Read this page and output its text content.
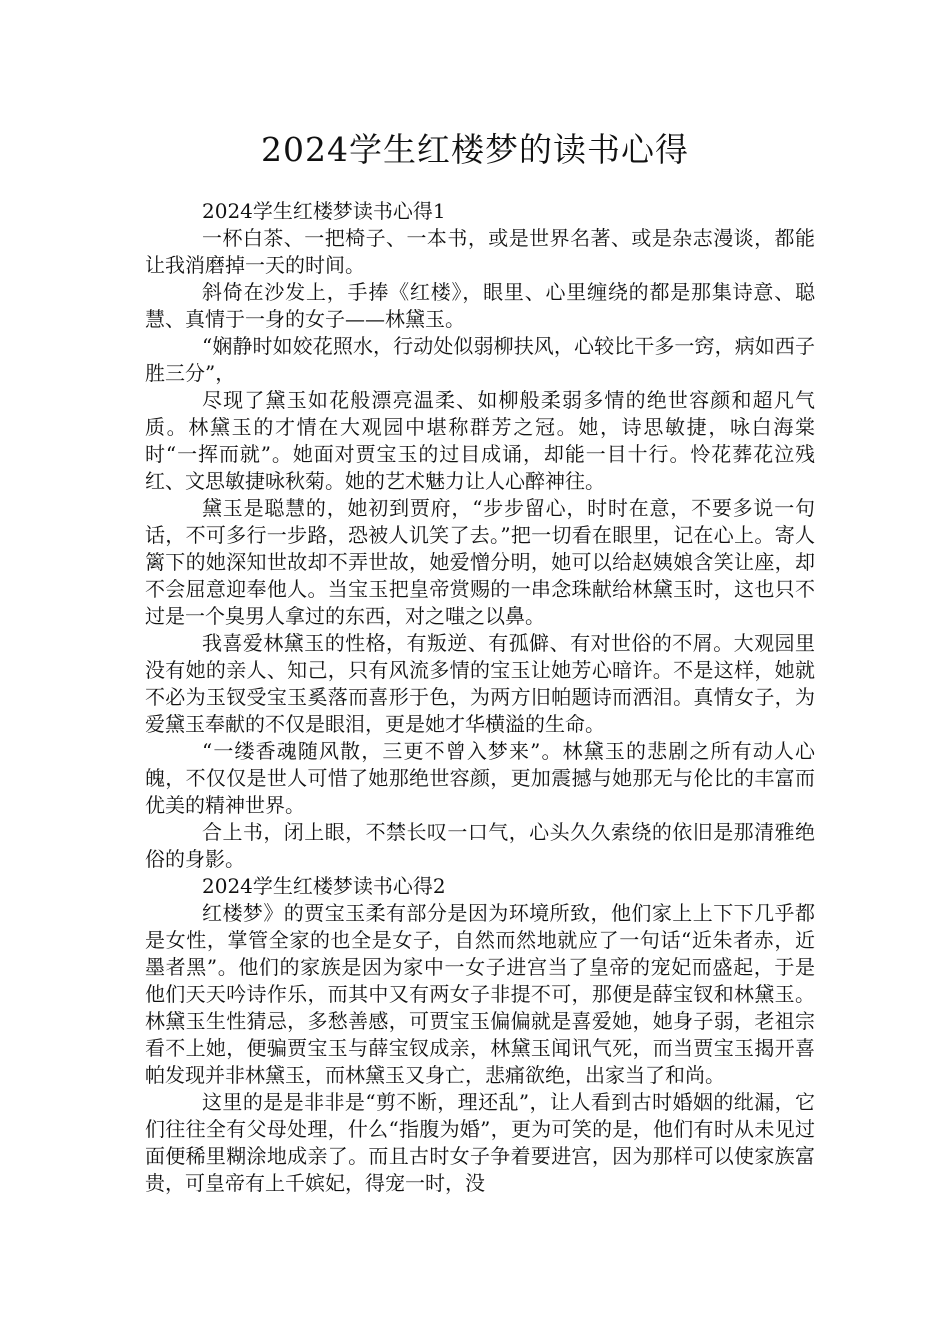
2024学生红楼梦的读书心得

2024学生红楼梦读书心得1

一杯白茶、一把椅子、一本书，或是世界名著、或是杂志漫谈，都能让我消磨掉一天的时间。

斜倚在沙发上，手捧《红楼》，眼里、心里缠绕的都是那集诗意、聪慧、真情于一身的女子——林黛玉。

“娴静时如姣花照水，行动处似弱柳扶风，心较比干多一窍，病如西子胜三分”，

尽现了黛玉如花般漂亮温柔、如柳般柔弱多情的绝世容颜和超凡气质。林黛玉的才情在大观园中堪称群芳之冠。她，诗思敏捷，咏白海棠时“一挥而就”。她面对贾宝玉的过目成诵，却能一目十行。怜花葬花泣残红、文思敏捷咏秋菊。她的艺术魅力让人心醉神往。

黛玉是聪慧的，她初到贾府，“步步留心，时时在意，不要多说一句话，不可多行一步路，恐被人讥笑了去。”把一切看在眼里，记在心上。寄人篱下的她深知世故却不弄世故，她爱憎分明，她可以给赵姨娘含笑让座，却不会屈意迎奉他人。当宝玉把皇帝赏赐的一串念珠献给林黛玉时，这也只不过是一个臭男人拿过的东西，对之嗤之以鼻。

我喜爱林黛玉的性格，有叛逆、有孤僻、有对世俗的不屑。大观园里没有她的亲人、知己，只有风流多情的宝玉让她芳心暗许。不是这样，她就不必为玉钗受宝玉奚落而喜形于色，为两方旧帕题诗而洒泪。真情女子，为爱黛玉奉献的不仅是眼泪，更是她才华横溢的生命。

“一缕香魂随风散，三更不曾入梦来”。林黛玉的悲剧之所有动人心魄，不仅仅是世人可惜了她那绝世容颜，更加震撼与她那无与伦比的丰富而优美的精神世界。

合上书，闭上眼，不禁长叹一口气，心头久久索绕的依旧是那清雅绝俗的身影。

2024学生红楼梦读书心得2

红楼梦》的贾宝玉柔有部分是因为环境所致，他们家上上下下几乎都是女性，掌管全家的也全是女子，自然而然地就应了一句话“近朱者赤，近墨者黑”。他们的家族是因为家中一女子进宫当了皇帝的宠妃而盛起，于是他们天天吟诗作乐，而其中又有两女子非提不可，那便是薛宝钗和林黛玉。林黛玉生性猜忌，多愁善感，可贾宝玉偏偏就是喜爱她，她身子弱，老祖宗看不上她，便骗贾宝玉与薛宝钗成亲，林黛玉闻讯气死，而当贾宝玉揭开喜帕发现并非林黛玉，而林黛玉又身亡，悲痛欲绝，出家当了和尚。

这里的是是非非是“剪不断，理还乱”，让人看到古时婚姻的纰漏，它们往往全有父母处理，什么“指腹为婚”，更为可笑的是，他们有时从未见过面便稀里糊涂地成亲了。而且古时女子争着要进宫，因为那样可以使家族富贵，可皇帝有上千嫔妃，得宠一时，没
